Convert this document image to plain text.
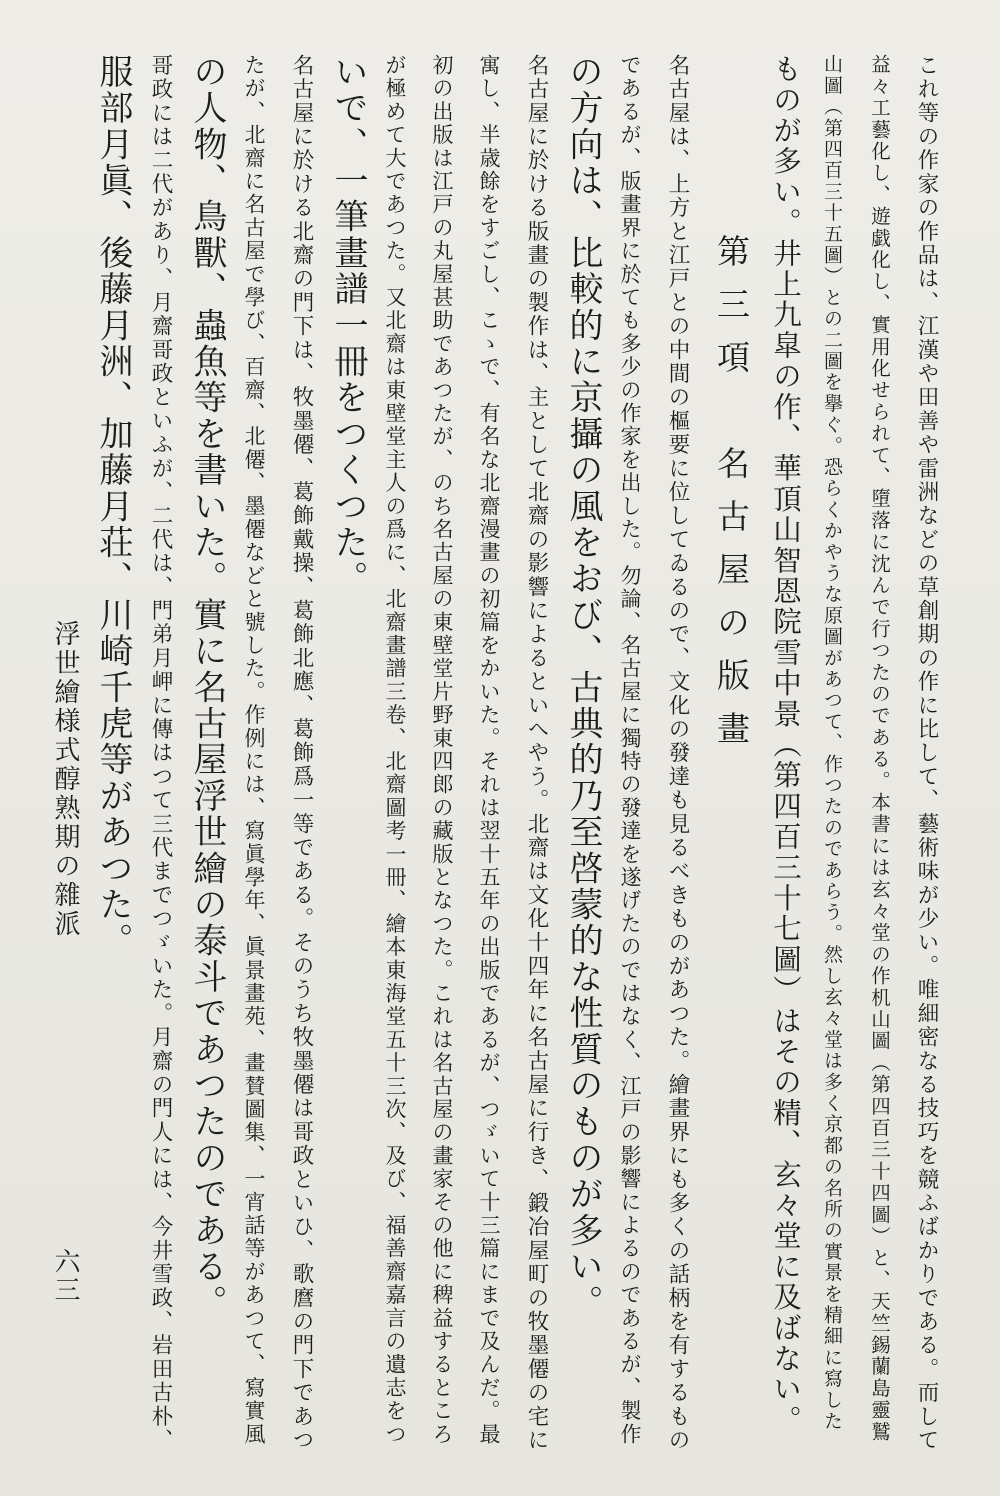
これ等の作家の作品は、江漢や田善や雷洲などの草創期の作に比して、藝術味が少い。唯細密なる技巧を競ふばかりである。而して
益々工藝化し、遊戯化し、實用化せられて、墮落に沈んで行つたのである。本書には玄々堂の作机山圖（第四百三十四圖）と、天竺錫蘭島靈鷲
山圖（第四百三十五圖）との二圖を擧ぐ。恐らくかやうな原圖があつて、作つたのであらう。然し玄々堂は多く京都の名所の實景を精細に寫した
ものが多い。井上九皐の作、華頂山智恩院雪中景（第四百三十七圖）はその精、玄々堂に及ばない。
第三項　名古屋の版畫
名古屋は、上方と江戸との中間の樞要に位してゐるので、文化の發達も見るべきものがあつた。繪畫界にも多くの話柄を有するもの
であるが、版畫界に於ても多少の作家を出した。勿論、名古屋に獨特の發達を遂げたのではなく、江戸の影響によるのであるが、製作
の方向は、比較的に京攝の風をおび、古典的乃至啓蒙的な性質のものが多い。
名古屋に於ける版畫の製作は、主として北齋の影響によるといへやう。北齋は文化十四年に名古屋に行き、鍛冶屋町の牧墨僊の宅に
寓し、半歳餘をすごし、こゝで、有名な北齋漫畫の初篇をかいた。それは翌十五年の出版であるが、つゞいて十三篇にまで及んだ。最
初の出版は江戸の丸屋甚助であつたが、のち名古屋の東壁堂片野東四郎の藏版となつた。これは名古屋の畫家その他に稗益するところ
が極めて大であつた。又北齋は東壁堂主人の爲に、北齋畫譜三卷、北齋圖考一冊、繪本東海堂五十三次、及び、福善齋嘉言の遺志をつ
いで、一筆畫譜一冊をつくつた。
名古屋に於ける北齋の門下は、牧墨僊、葛飾戴操、葛飾北應、葛飾爲一等である。そのうち牧墨僊は哥政といひ、歌麿の門下であつ
たが、北齋に名古屋で學び、百齋、北僊、墨僊などと號した。作例には、寫眞學年、眞景畫苑、畫賛圖集、一宵話等があつて、寫實風
の人物、鳥獸、蟲魚等を書いた。實に名古屋浮世繪の泰斗であつたのである。
哥政には二代があり、月齋哥政といふが、二代は、門弟月岬に傳はつて三代までつゞいた。月齋の門人には、今井雪政、岩田古朴、
服部月眞、後藤月洲、加藤月荘、川崎千虎等があつた。
浮世繪様式醇熟期の雜派
六三
